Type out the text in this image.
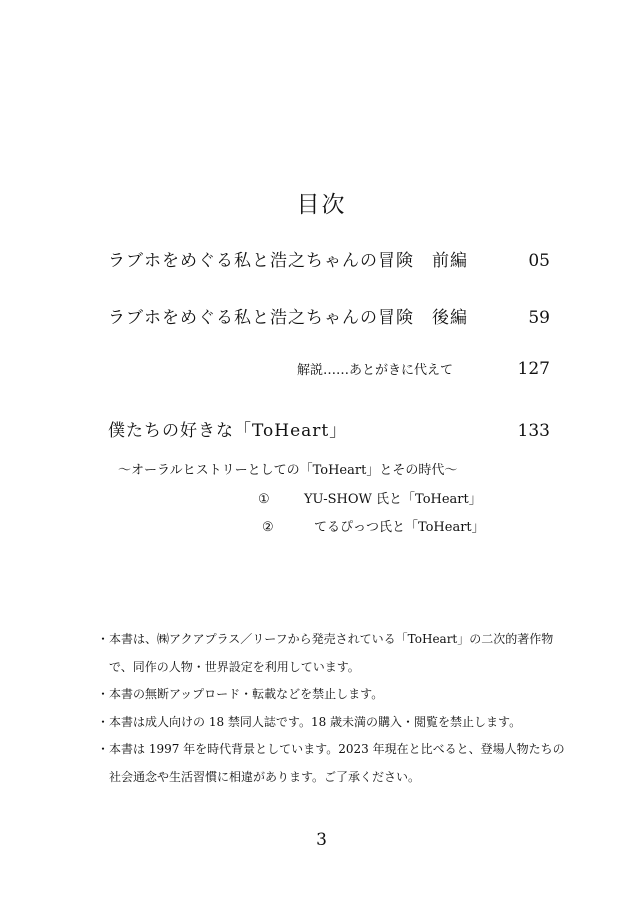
目次
ラブホをめぐる私と浩之ちゃんの冒険　前編	05
ラブホをめぐる私と浩之ちゃんの冒険　後編	59
解説……あとがきに代えて	127
僕たちの好きな「ToHeart」	133
～オーラルヒストリーとしての「ToHeart」とその時代～
①	YU-SHOW 氏と「ToHeart」
②	てるぴっつ氏と「ToHeart」
・本書は、㈱アクアプラス／リーフから発売されている「ToHeart」の二次的著作物
で、同作の人物・世界設定を利用しています。
・本書の無断アップロード・転載などを禁止します。
・本書は成人向けの 18 禁同人誌です。18 歳未満の購入・閲覧を禁止します。
・本書は 1997 年を時代背景としています。2023 年現在と比べると、登場人物たちの
社会通念や生活習慣に相違があります。ご了承ください。
3
